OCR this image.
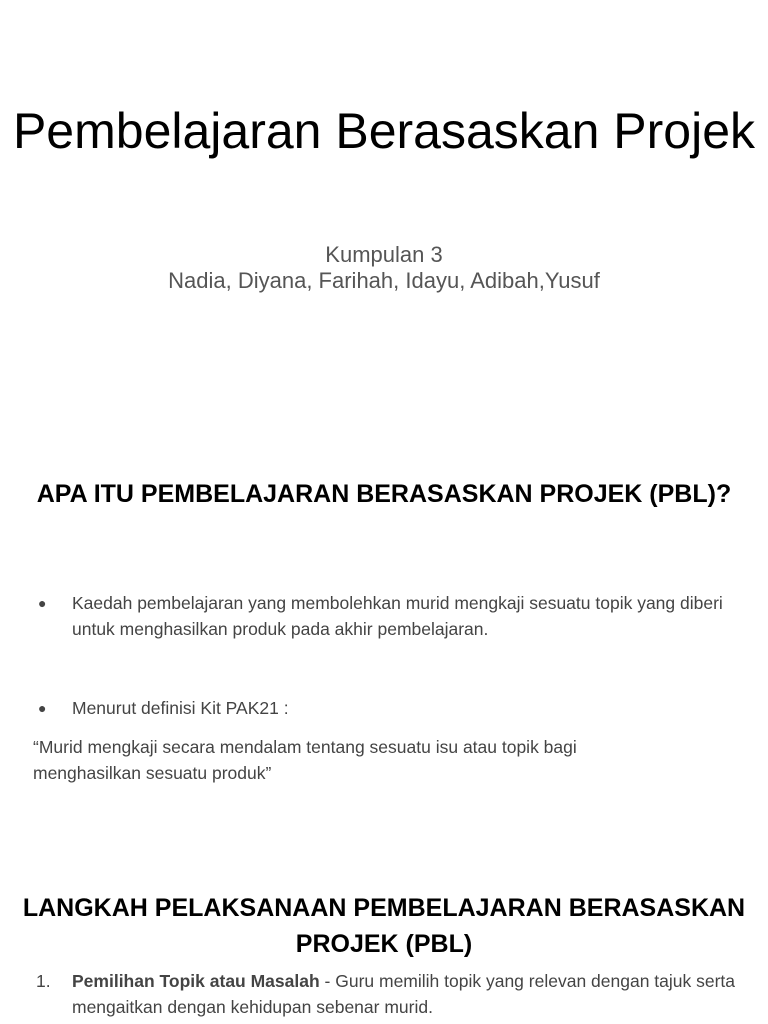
Pembelajaran Berasaskan Projek
Kumpulan 3
Nadia, Diyana, Farihah, Idayu, Adibah,Yusuf
APA ITU PEMBELAJARAN BERASASKAN PROJEK (PBL)?
●	Kaedah pembelajaran yang membolehkan murid mengkaji sesuatu topik yang diberi untuk menghasilkan produk pada akhir pembelajaran.
●	Menurut definisi Kit PAK21 :
“Murid mengkaji secara mendalam tentang sesuatu isu atau topik bagi menghasilkan sesuatu produk”
LANGKAH PELAKSANAAN PEMBELAJARAN BERASASKAN PROJEK (PBL)
1. Pemilihan Topik atau Masalah - Guru memilih topik yang relevan dengan tajuk serta mengaitkan dengan kehidupan sebenar murid.
